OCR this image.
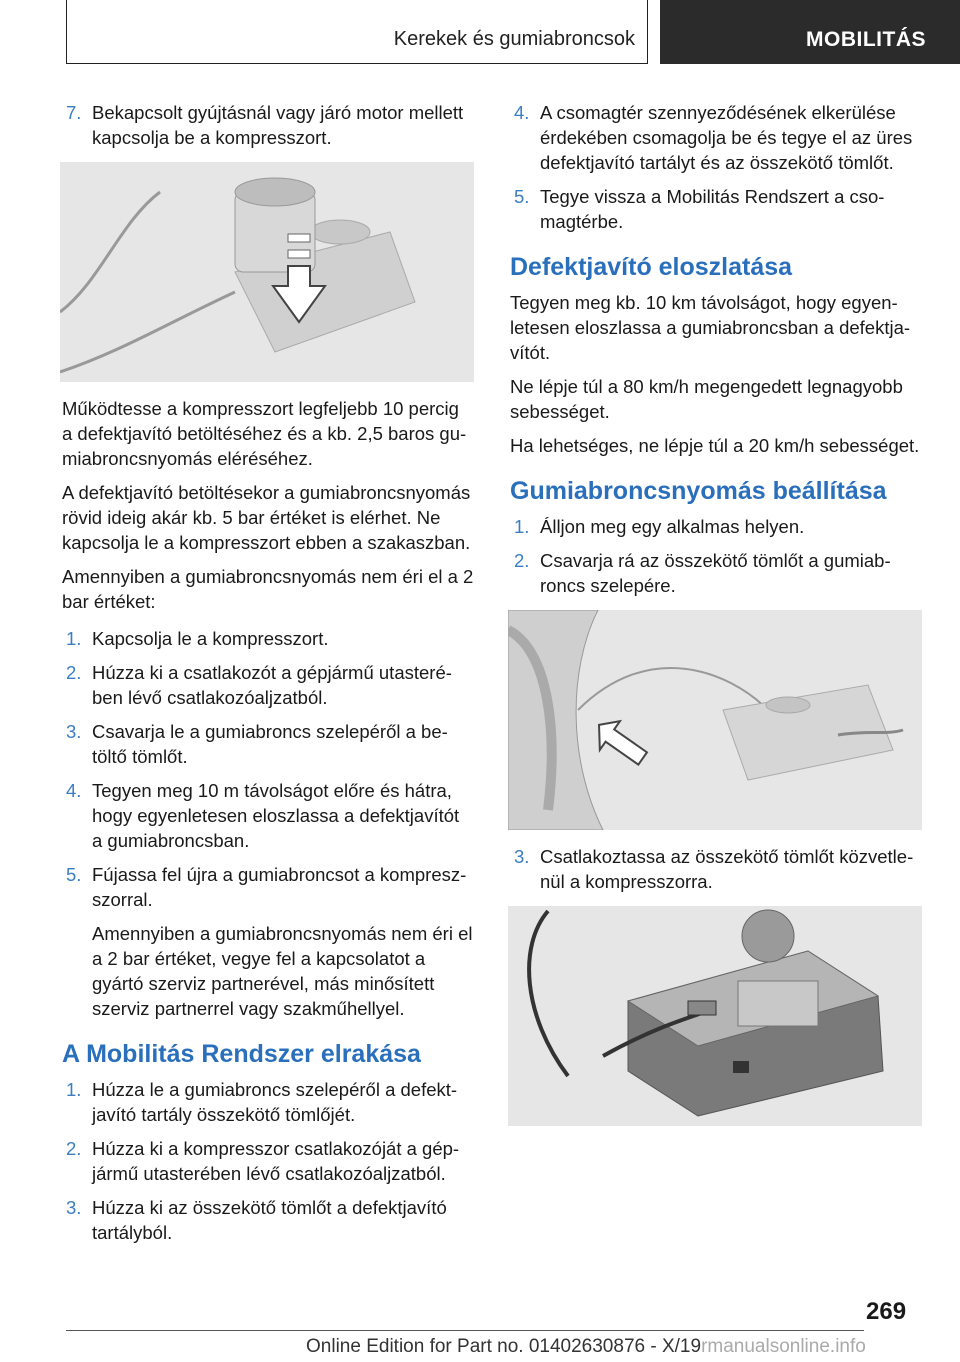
Kerekek és gumiabroncsok	MOBILITÁS
7. Bekapcsolt gyújtásnál vagy járó motor mellett kapcsolja be a kompresszort.

Működtesse a kompresszort legfeljebb 10 percig a defektjavító betöltéséhez és a kb. 2,5 baros gumiabroncsnyomás eléréséhez.

A defektjavító betöltésekor a gumiabroncsnyomás rövid ideig akár kb. 5 bar értéket is elérhet. Ne kapcsolja le a kompresszort ebben a szakaszban.

Amennyiben a gumiabroncsnyomás nem éri el a 2 bar értéket:

1. Kapcsolja le a kompresszort.
2. Húzza ki a csatlakozót a gépjármű utasterében lévő csatlakozóaljzatból.
3. Csavarja le a gumiabroncs szelepéről a betöltő tömlőt.
4. Tegyen meg 10 m távolságot előre és hátra, hogy egyenletesen eloszlassa a defektjavítót a gumiabroncsban.
5. Fújassa fel újra a gumiabroncsot a kompreszszorral.
Amennyiben a gumiabroncsnyomás nem éri el a 2 bar értéket, vegye fel a kapcsolatot a gyártó szerviz partnerével, más minősített szerviz partnerrel vagy szakműhellyel.
A Mobilitás Rendszer elrakása
1. Húzza le a gumiabroncs szelepéről a defektjavító tartály összekötő tömlőjét.
2. Húzza ki a kompresszor csatlakozóját a gépjármű utasterében lévő csatlakozóaljzatból.
3. Húzza ki az összekötő tömlőt a defektjavító tartályból.
4. A csomagtér szennyeződésének elkerülése érdekében csomagolja be és tegye el az üres defektjavító tartályt és az összekötő tömlőt.
5. Tegye vissza a Mobilitás Rendszert a csomagtérbe.
Defektjavító eloszlatása

Tegyen meg kb. 10 km távolságot, hogy egyenletesen eloszlassa a gumiabroncsban a defektjavítót.

Ne lépje túl a 80 km/h megengedett legnagyobb sebességet.

Ha lehetséges, ne lépje túl a 20 km/h sebességet.

Gumiabroncsnyomás beállítása
1. Álljon meg egy alkalmas helyen.
2. Csavarja rá az összekötő tömlőt a gumiabroncs szelepére.
3. Csatlakoztassa az összekötő tömlőt közvetlenül a kompresszorra.
269
Online Edition for Part no. 01402630876 - X/19rmanualsonline.info
